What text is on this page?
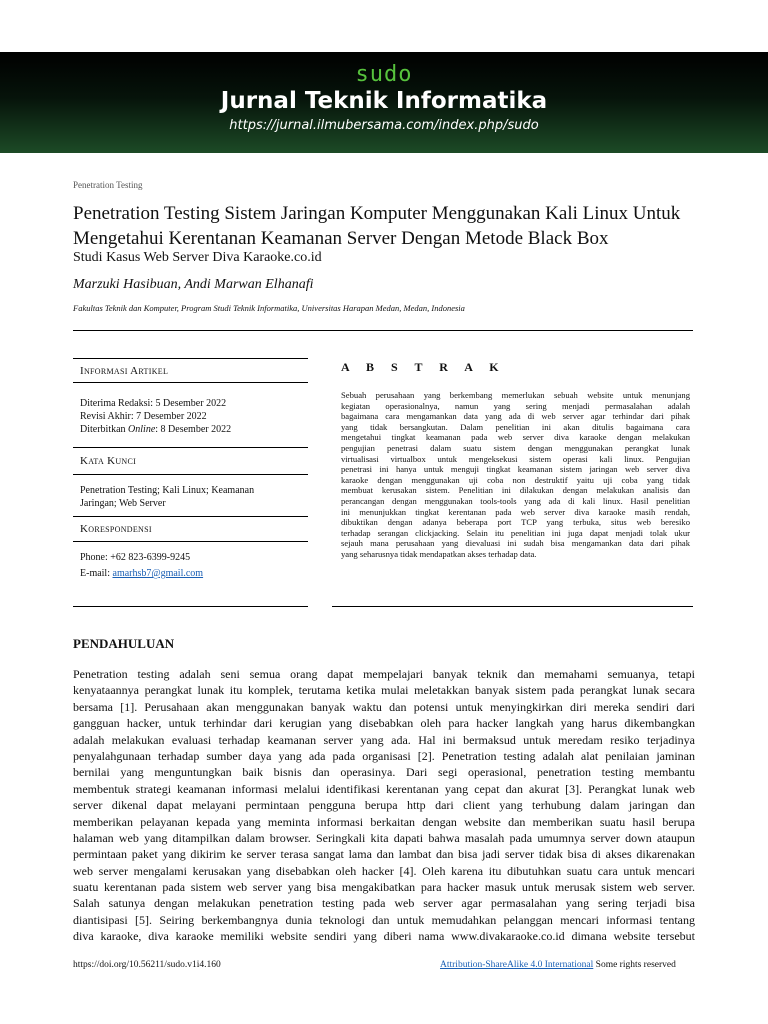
sudo
Jurnal Teknik Informatika
https://jurnal.ilmubersama.com/index.php/sudo
Penetration Testing
Penetration Testing Sistem Jaringan Komputer Menggunakan Kali Linux Untuk
Mengetahui Kerentanan Keamanan Server Dengan Metode Black Box
Studi Kasus Web Server Diva Karaoke.co.id
Marzuki Hasibuan, Andi Marwan Elhanafi
Fakultas Teknik dan Komputer, Program Studi Teknik Informatika, Universitas Harapan Medan, Medan, Indonesia
Informasi Artikel
Diterima Redaksi: 5 Desember 2022
Revisi Akhir: 7 Desember 2022
Diterbitkan Online: 8 Desember 2022
Kata Kunci
Penetration Testing; Kali Linux; Keamanan
Jaringan; Web Server
Korespondensi
Phone: +62 823-6399-9245
E-mail: amarhsb7@gmail.com
A B S T R A K
Sebuah perusahaan yang berkembang memerlukan sebuah website untuk menunjang
kegiatan operasionalnya, namun yang sering menjadi permasalahan adalah
bagaimana cara mengamankan data yang ada di web server agar terhindar dari pihak
yang tidak bersangkutan. Dalam penelitian ini akan ditulis bagaimana cara
mengetahui tingkat keamanan pada web server diva karaoke dengan melakukan
pengujian penetrasi dalam suatu sistem dengan menggunakan perangkat lunak
virtualisasi virtualbox untuk mengeksekusi sistem operasi kali linux. Pengujian
penetrasi ini hanya untuk menguji tingkat keamanan sistem jaringan web server diva
karaoke dengan menggunakan uji coba non destruktif yaitu uji coba yang tidak
membuat kerusakan sistem. Penelitian ini dilakukan dengan melakukan analisis dan
perancangan dengan menggunakan tools-tools yang ada di kali linux. Hasil penelitian
ini menunjukkan tingkat kerentanan pada web server diva karaoke masih rendah,
dibuktikan dengan adanya beberapa port TCP yang terbuka, situs web beresiko
terhadap serangan clickjacking. Selain itu penelitian ini juga dapat menjadi tolak ukur
sejauh mana perusahaan yang dievaluasi ini sudah bisa mengamankan data dari pihak
yang seharusnya tidak mendapatkan akses terhadap data.
PENDAHULUAN
Penetration testing adalah seni semua orang dapat mempelajari banyak teknik dan memahami semuanya, tetapi
kenyataannya perangkat lunak itu komplek, terutama ketika mulai meletakkan banyak sistem pada perangkat lunak secara
bersama [1]. Perusahaan akan menggunakan banyak waktu dan potensi untuk menyingkirkan diri mereka sendiri dari
gangguan hacker, untuk terhindar dari kerugian yang disebabkan oleh para hacker langkah yang harus dikembangkan
adalah melakukan evaluasi terhadap keamanan server yang ada. Hal ini bermaksud untuk meredam resiko terjadinya
penyalahgunaan terhadap sumber daya yang ada pada organisasi [2]. Penetration testing adalah alat penilaian jaminan
bernilai yang menguntungkan baik bisnis dan operasinya. Dari segi operasional, penetration testing membantu
membentuk strategi keamanan informasi melalui identifikasi kerentanan yang cepat dan akurat [3]. Perangkat lunak web
server dikenal dapat melayani permintaan pengguna berupa http dari client yang terhubung dalam jaringan dan
memberikan pelayanan kepada yang meminta informasi berkaitan dengan website dan memberikan suatu hasil berupa
halaman web yang ditampilkan dalam browser. Seringkali kita dapati bahwa masalah pada umumnya server down ataupun
permintaan paket yang dikirim ke server terasa sangat lama dan lambat dan bisa jadi server tidak bisa di akses dikarenakan
web server mengalami kerusakan yang disebabkan oleh hacker [4]. Oleh karena itu dibutuhkan suatu cara untuk mencari
suatu kerentanan pada sistem web server yang bisa mengakibatkan para hacker masuk untuk merusak sistem web server.
Salah satunya dengan melakukan penetration testing pada web server agar permasalahan yang sering terjadi bisa
diantisipasi [5]. Seiring berkembangnya dunia teknologi dan untuk memudahkan pelanggan mencari informasi tentang
diva karaoke, diva karaoke memiliki website sendiri yang diberi nama www.divakaraoke.co.id dimana website tersebut
https://doi.org/10.56211/sudo.v1i4.160	Attribution-ShareAlike 4.0 International Some rights reserved
